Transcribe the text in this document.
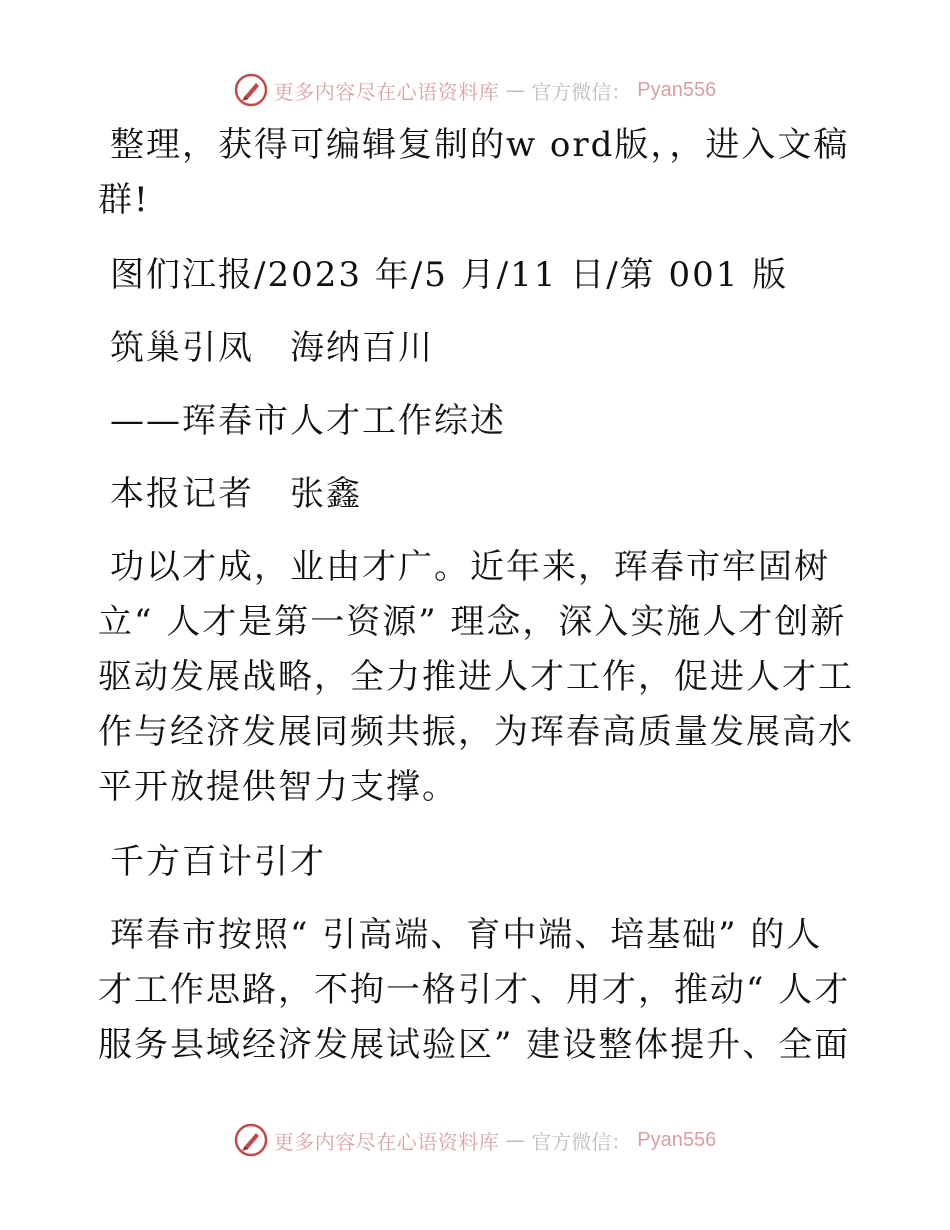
更多内容尽在心语资料库 — 官方微信： Pyan556

整理，获得可编辑复制的w ord版，，进入文稿群!

图们江报/2023 年/5 月/11 日/第 001 版

筑巢引凤　海纳百川

——珲春市人才工作综述

本报记者　张鑫

功以才成，业由才广。近年来，珲春市牢固树立“ 人才是第一资源” 理念，深入实施人才创新驱动发展战略，全力推进人才工作，促进人才工作与经济发展同频共振，为珲春高质量发展高水平开放提供智力支撑。

千方百计引才

珲春市按照“ 引高端、育中端、培基础” 的人才工作思路，不拘一格引才、用才，推动“ 人才服务县域经济发展试验区” 建设整体提升、全面

更多内容尽在心语资料库 — 官方微信： Pyan556
